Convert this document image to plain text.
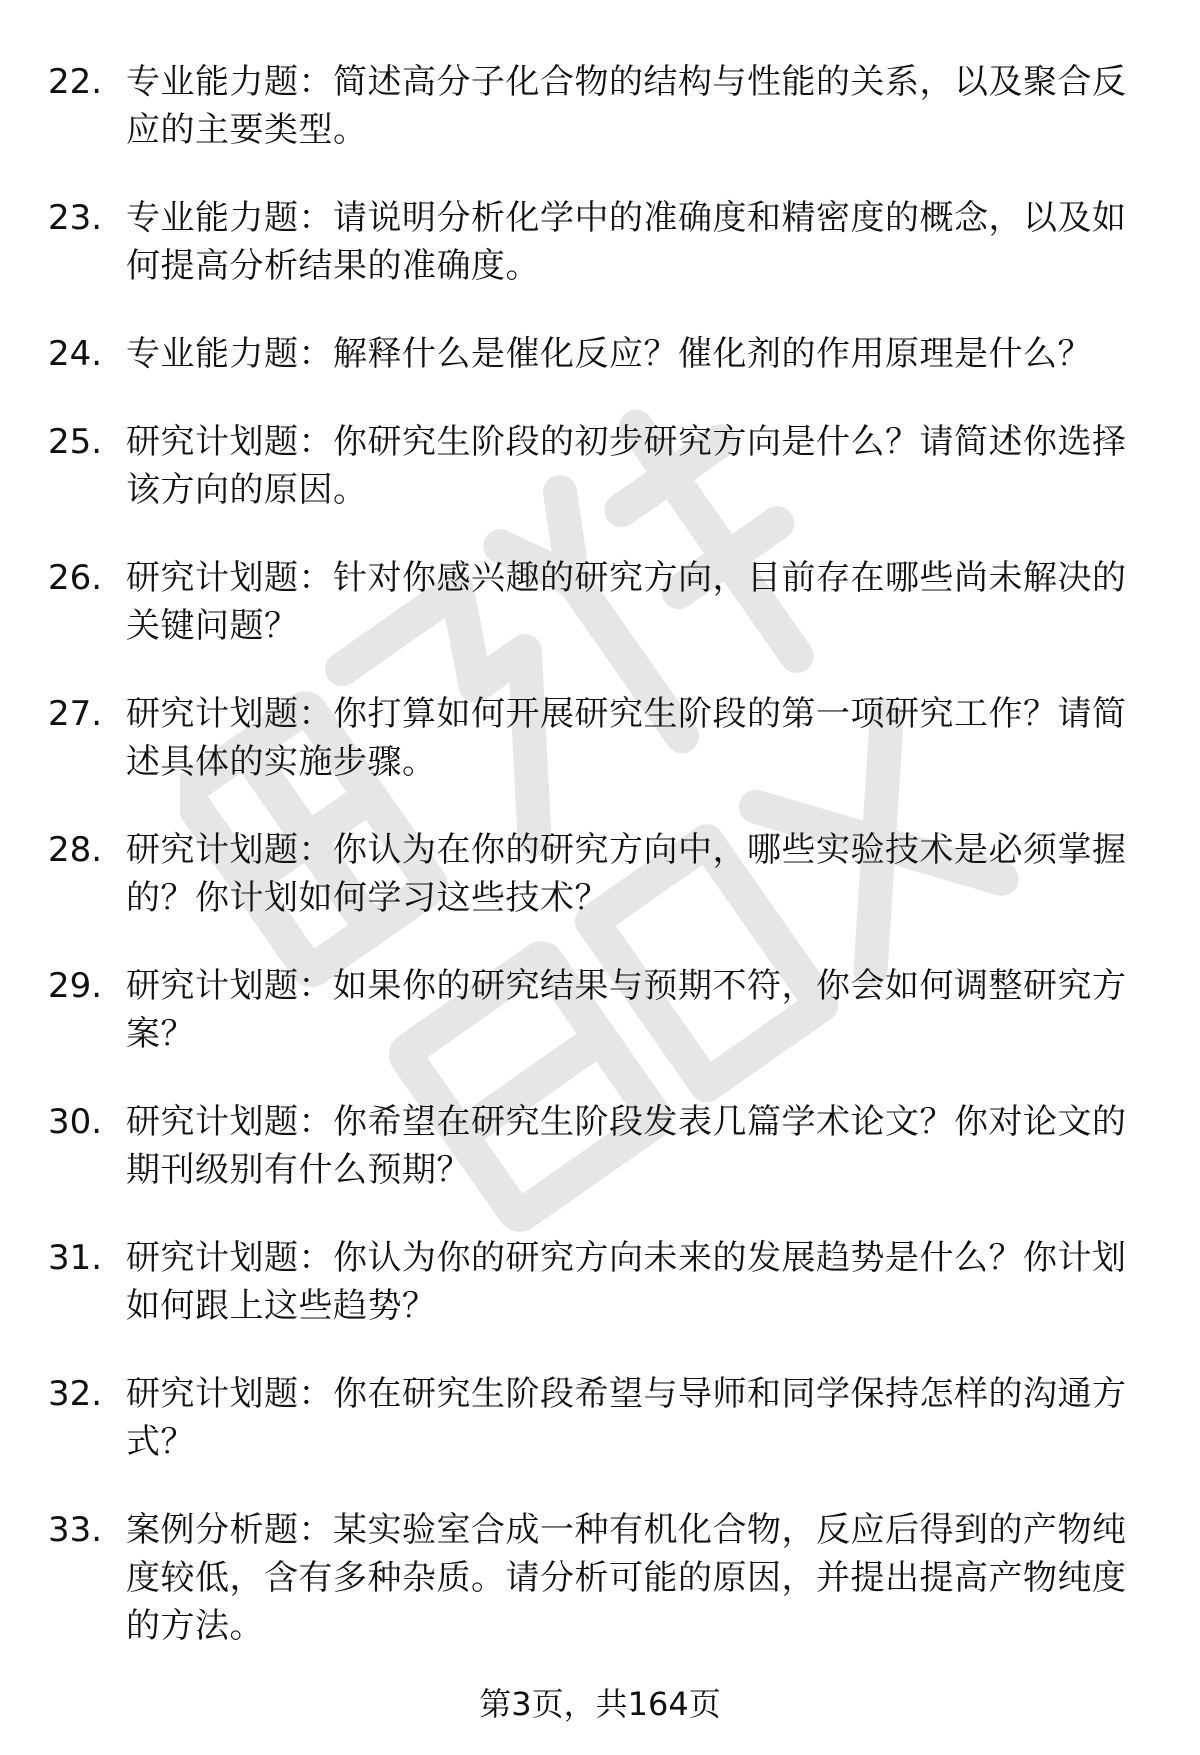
22. 专业能力题：简述高分子化合物的结构与性能的关系，以及聚合反应的主要类型。
23. 专业能力题：请说明分析化学中的准确度和精密度的概念，以及如何提高分析结果的准确度。
24. 专业能力题：解释什么是催化反应？催化剂的作用原理是什么？
25. 研究计划题：你研究生阶段的初步研究方向是什么？请简述你选择该方向的原因。
26. 研究计划题：针对你感兴趣的研究方向，目前存在哪些尚未解决的关键问题？
27. 研究计划题：你打算如何开展研究生阶段的第一项研究工作？请简述具体的实施步骤。
28. 研究计划题：你认为在你的研究方向中，哪些实验技术是必须掌握的？你计划如何学习这些技术？
29. 研究计划题：如果你的研究结果与预期不符，你会如何调整研究方案？
30. 研究计划题：你希望在研究生阶段发表几篇学术论文？你对论文的期刊级别有什么预期？
31. 研究计划题：你认为你的研究方向未来的发展趋势是什么？你计划如何跟上这些趋势？
32. 研究计划题：你在研究生阶段希望与导师和同学保持怎样的沟通方式？
33. 案例分析题：某实验室合成一种有机化合物，反应后得到的产物纯度较低，含有多种杂质。请分析可能的原因，并提出提高产物纯度的方法。
第3页，共164页
